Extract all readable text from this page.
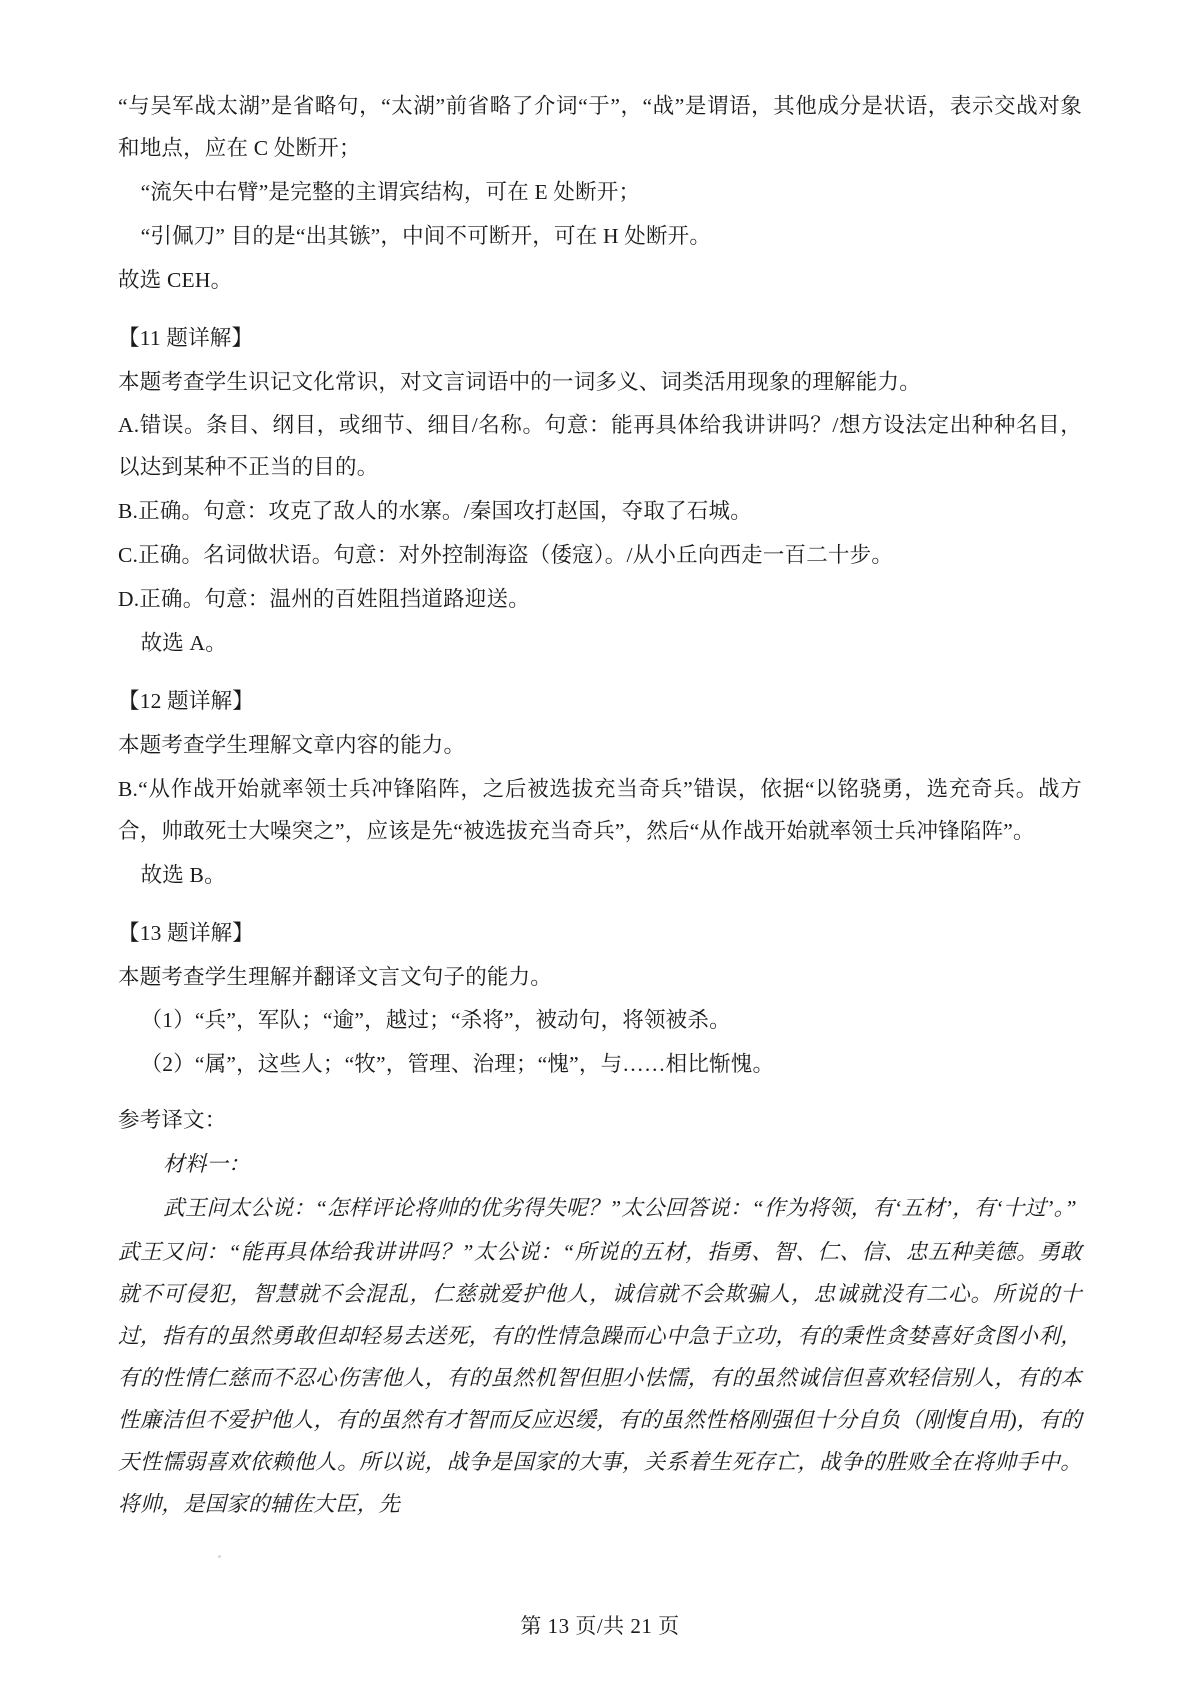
“与吴军战太湖”是省略句，“太湖”前省略了介词“于”，“战”是谓语，其他成分是状语，表示交战对象和地点，应在 C 处断开；

“流矢中右臂”是完整的主谓宾结构，可在 E 处断开；

“引佩刀” 目的是“出其镞”，中间不可断开，可在 H 处断开。

故选 CEH。

【11 题详解】

本题考查学生识记文化常识，对文言词语中的一词多义、词类活用现象的理解能力。

A.错误。条目、纲目，或细节、细目/名称。句意：能再具体给我讲讲吗？/想方设法定出种种名目，以达到某种不正当的目的。

B.正确。句意：攻克了敌人的水寨。/秦国攻打赵国，夺取了石城。

C.正确。名词做状语。句意：对外控制海盗（倭寇）。/从小丘向西走一百二十步。

D.正确。句意：温州的百姓阻挡道路迎送。

故选 A。

【12 题详解】

本题考查学生理解文章内容的能力。

B.“从作战开始就率领士兵冲锋陷阵，之后被选拔充当奇兵”错误，依据“以铭骁勇，选充奇兵。战方合，帅敢死士大噪突之”，应该是先“被选拔充当奇兵”，然后“从作战开始就率领士兵冲锋陷阵”。

故选 B。

【13 题详解】

本题考查学生理解并翻译文言文句子的能力。

（1）“兵”，军队；“逾”，越过；“杀将”，被动句，将领被杀。

（2）“属”，这些人；“牧”，管理、治理；“愧”，与……相比惭愧。

参考译文：

材料一：

武王问太公说：“怎样评论将帅的优劣得失呢？”太公回答说：“作为将领，有‘五材’，有‘十过’。”

武王又问：“能再具体给我讲讲吗？”太公说：“所说的五材，指勇、智、仁、信、忠五种美德。勇敢就不可侵犯，智慧就不会混乱，仁慈就爱护他人，诚信就不会欺骗人，忠诚就没有二心。所说的十过，指有的虽然勇敢但却轻易去送死，有的性情急躁而心中急于立功，有的秉性贪婪喜好贪图小利，有的性情仁慈而不忍心伤害他人，有的虽然机智但胆小怯懦，有的虽然诚信但喜欢轻信别人，有的本性廉洁但不爱护他人，有的虽然有才智而反应迟缓，有的虽然性格刚强但十分自负（刚愎自用)，有的天性懦弱喜欢依赖他人。所以说，战争是国家的大事，关系着生死存亡，战争的胜败全在将帅手中。将帅，是国家的辅佐大臣，先

第 13 页/共 21 页
